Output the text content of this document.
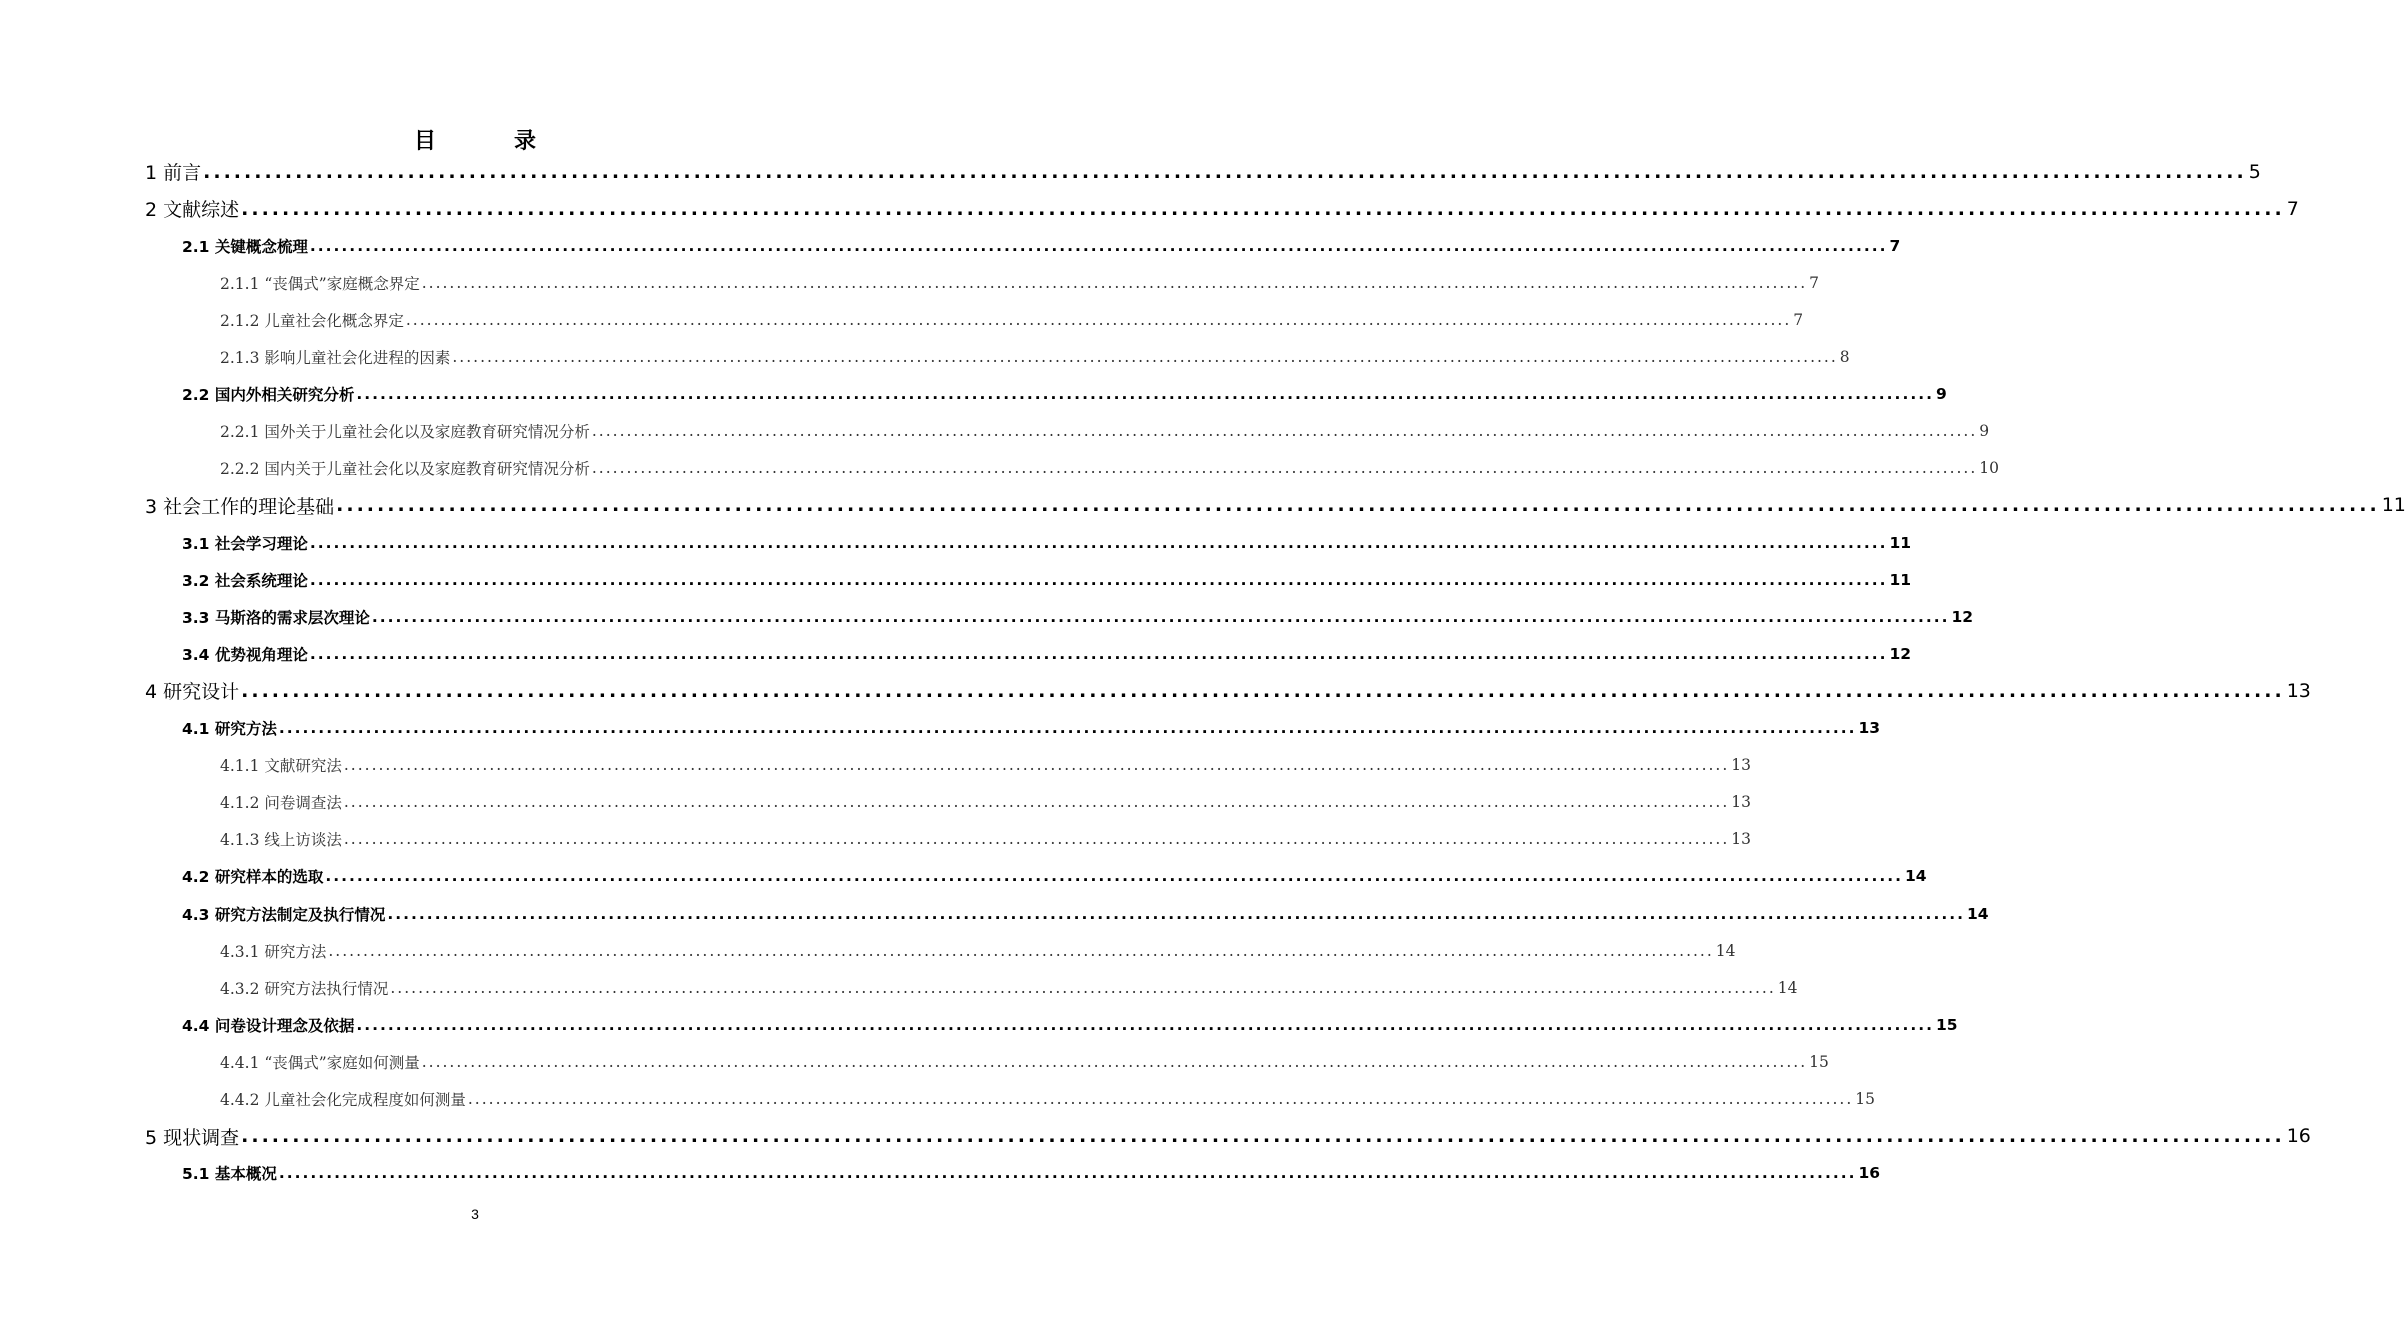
目　录
1 前言 ........................................................................................................................................................................................................ 5
2 文献综述 ........................................................................................................................................................................................................ 7
2.1 关键概念梳理 ........................................................................................................................................................................................................ 7
2.1.1 “丧偶式”家庭概念界定 ........................................................................................................................................................................................................ 7
2.1.2 儿童社会化概念界定 ........................................................................................................................................................................................................ 7
2.1.3 影响儿童社会化进程的因素 ........................................................................................................................................................................................................ 8
2.2 国内外相关研究分析 ........................................................................................................................................................................................................ 9
2.2.1 国外关于儿童社会化以及家庭教育研究情况分析 ........................................................................................................................................................................................................ 9
2.2.2 国内关于儿童社会化以及家庭教育研究情况分析 ........................................................................................................................................................................................................ 10
3 社会工作的理论基础 ........................................................................................................................................................................................................ 11
3.1 社会学习理论 ........................................................................................................................................................................................................ 11
3.2 社会系统理论 ........................................................................................................................................................................................................ 11
3.3 马斯洛的需求层次理论 ........................................................................................................................................................................................................ 12
3.4 优势视角理论 ........................................................................................................................................................................................................ 12
4 研究设计 ........................................................................................................................................................................................................ 13
4.1 研究方法 ........................................................................................................................................................................................................ 13
4.1.1 文献研究法 ........................................................................................................................................................................................................ 13
4.1.2 问卷调查法 ........................................................................................................................................................................................................ 13
4.1.3 线上访谈法 ........................................................................................................................................................................................................ 13
4.2 研究样本的选取 ........................................................................................................................................................................................................ 14
4.3 研究方法制定及执行情况 ........................................................................................................................................................................................................ 14
4.3.1 研究方法 ........................................................................................................................................................................................................ 14
4.3.2 研究方法执行情况 ........................................................................................................................................................................................................ 14
4.4 问卷设计理念及依据 ........................................................................................................................................................................................................ 15
4.4.1 “丧偶式”家庭如何测量 ........................................................................................................................................................................................................ 15
4.4.2 儿童社会化完成程度如何测量 ........................................................................................................................................................................................................ 15
5 现状调查 ........................................................................................................................................................................................................ 16
5.1 基本概况 ........................................................................................................................................................................................................ 16
3
